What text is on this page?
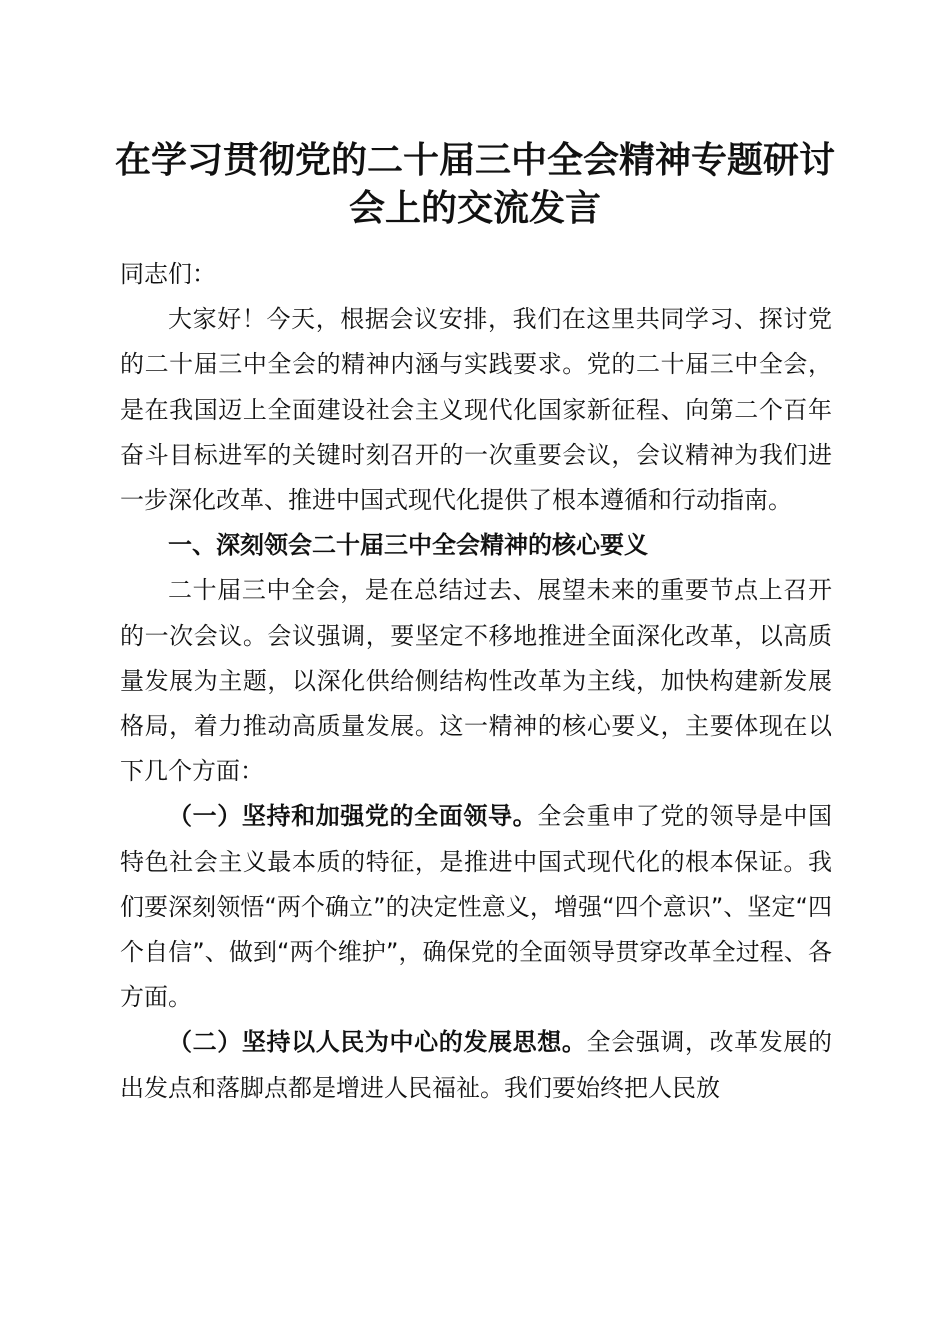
在学习贯彻党的二十届三中全会精神专题研讨
会上的交流发言

同志们：

大家好！今天，根据会议安排，我们在这里共同学习、探讨党的二十届三中全会的精神内涵与实践要求。党的二十届三中全会，是在我国迈上全面建设社会主义现代化国家新征程、向第二个百年奋斗目标进军的关键时刻召开的一次重要会议，会议精神为我们进一步深化改革、推进中国式现代化提供了根本遵循和行动指南。

一、深刻领会二十届三中全会精神的核心要义

二十届三中全会，是在总结过去、展望未来的重要节点上召开的一次会议。会议强调，要坚定不移地推进全面深化改革，以高质量发展为主题，以深化供给侧结构性改革为主线，加快构建新发展格局，着力推动高质量发展。这一精神的核心要义，主要体现在以下几个方面：

（一）坚持和加强党的全面领导。全会重申了党的领导是中国特色社会主义最本质的特征，是推进中国式现代化的根本保证。我们要深刻领悟“两个确立”的决定性意义，增强“四个意识”、坚定“四个自信”、做到“两个维护”，确保党的全面领导贯穿改革全过程、各方面。

（二）坚持以人民为中心的发展思想。全会强调，改革发展的出发点和落脚点都是增进人民福祉。我们要始终把人民放
